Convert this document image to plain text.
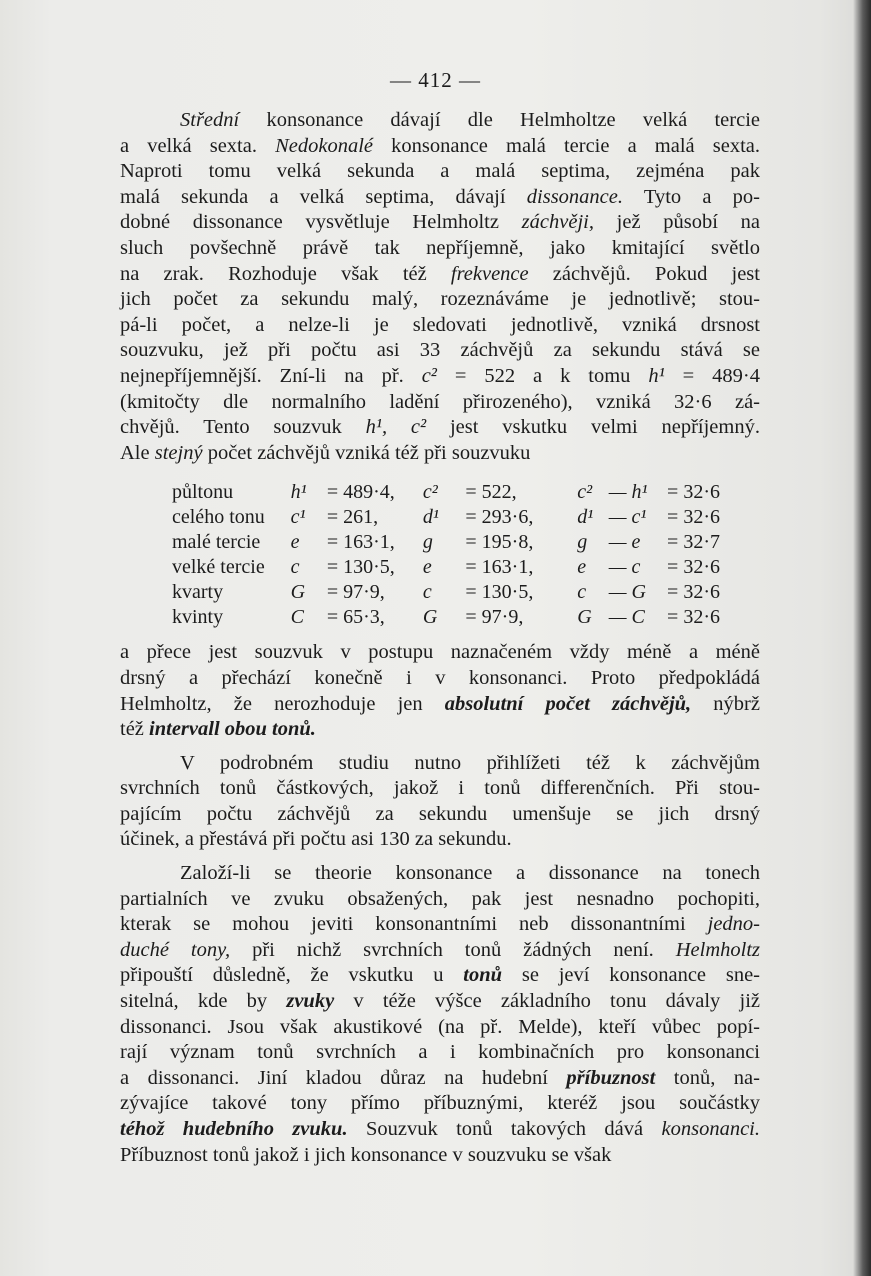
— 412 —
Střední konsonance dávají dle Helmholtze velká tercie
a velká sexta. Nedokonalé konsonance malá tercie a malá sexta.
Naproti tomu velká sekunda a malá septima, zejména pak
malá sekunda a velká septima, dávají dissonance. Tyto a po-
dobné dissonance vysvětluje Helmholtz záchvěji, jež působí na
sluch povšechně právě tak nepříjemně, jako kmitající světlo
na zrak. Rozhoduje však též frekvence záchvějů. Pokud jest
jich počet za sekundu malý, rozeznáváme je jednotlivě; stou-
pá-li počet, a nelze-li je sledovati jednotlivě, vzniká drsnost
souzvuku, jež při počtu asi 33 záchvějů za sekundu stává se
nejnepříjemnější. Zní-li na př. c² = 522 a k tomu h¹ = 489·4
(kmitočty dle normalního ladění přirozeného), vzniká 32·6 zá-
chvějů. Tento souzvuk h¹, c² jest vskutku velmi nepříjemný.
Ale stejný počet záchvějů vzniká též při souzvuku
půltonu	h¹	= 489·4,	c²	= 522,	c²	— h¹	= 32·6
celého tonu	c¹	= 261,	d¹	= 293·6,	d¹	— c¹	= 32·6
malé tercie	e	= 163·1,	g	= 195·8,	g	— e	= 32·7
velké tercie	c	= 130·5,	e	= 163·1,	e	— c	= 32·6
kvarty	G	= 97·9,	c	= 130·5,	c	— G	= 32·6
kvinty	C	= 65·3,	G	= 97·9,	G	— C	= 32·6
a přece jest souzvuk v postupu naznačeném vždy méně a méně
drsný a přechází konečně i v konsonanci. Proto předpokládá
Helmholtz, že nerozhoduje jen absolutní počet záchvějů, nýbrž
též intervall obou tonů.
V podrobném studiu nutno přihlížeti též k záchvějům
svrchních tonů částkových, jakož i tonů differenčních. Při stou-
pajícím počtu záchvějů za sekundu umenšuje se jich drsný
účinek, a přestává při počtu asi 130 za sekundu.
Založí-li se theorie konsonance a dissonance na tonech
partialních ve zvuku obsažených, pak jest nesnadno pochopiti,
kterak se mohou jeviti konsonantními neb dissonantními jedno-
duché tony, při nichž svrchních tonů žádných není. Helmholtz
připouští důsledně, že vskutku u tonů se jeví konsonance sne-
sitelná, kde by zvuky v téže výšce základního tonu dávaly již
dissonanci. Jsou však akustikové (na př. Melde), kteří vůbec popí-
rají význam tonů svrchních a i kombinačních pro konsonanci
a dissonanci. Jiní kladou důraz na hudební příbuznost tonů, na-
zývajíce takové tony přímo příbuznými, kteréž jsou součástky
téhož hudebního zvuku. Souzvuk tonů takových dává konsonanci.
Příbuznost tonů jakož i jich konsonance v souzvuku se však
